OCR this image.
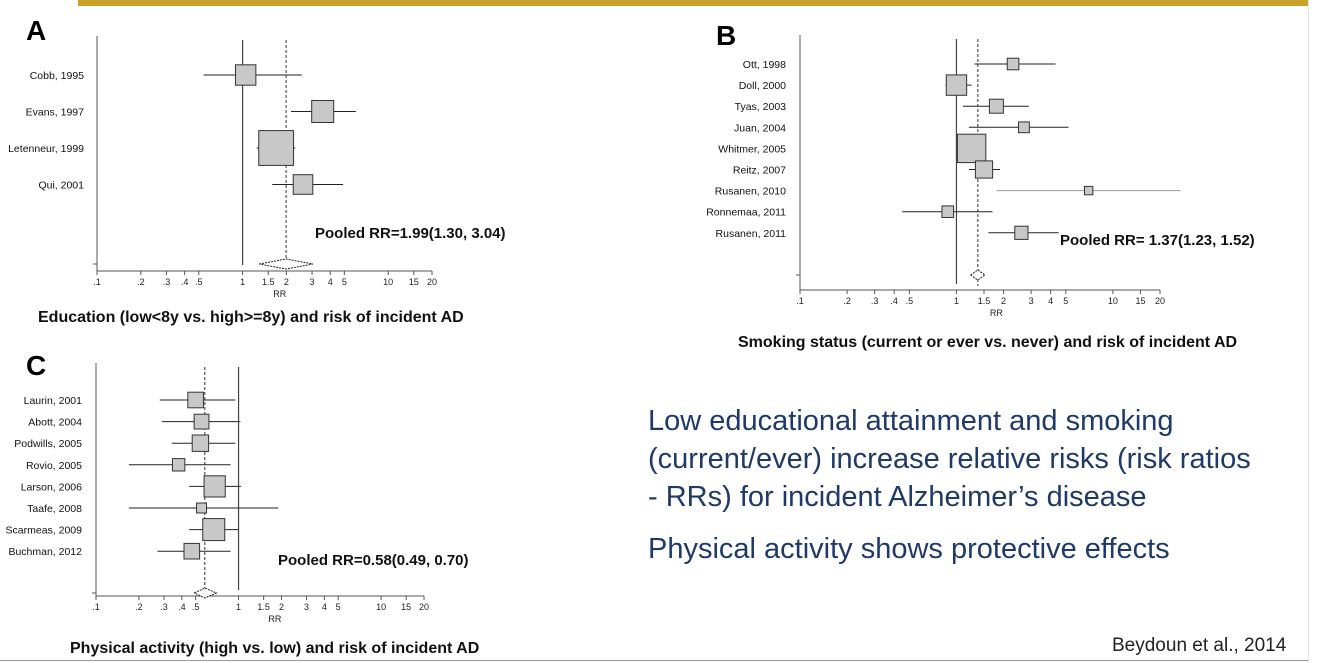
A
.1	.2 .3 .4 .5	1 1.5 2 3 4 5	10 15 20
RR
Cobb, 1995
Evans, 1997
Letenneur, 1999
Qui, 2001
Pooled RR=1.99(1.30, 3.04)
Education (low<8y vs. high>=8y) and risk of incident AD
B
.1	.2 .3 .4 .5	1 1.5 2	3 4 5	10 15 20
RR
Ott, 1998
Doll, 2000
Tyas, 2003
Juan, 2004
Whitmer, 2005
Reitz, 2007
Rusanen, 2010
Ronnemaa, 2011
Rusanen, 2011	Pooled RR= 1.37(1.23, 1.52)
Smoking status (current or ever vs. never) and risk of incident AD
C
.1	.2 .3 .4 .5	1 1.5 2 3 4 5	10 15 20
RR
Laurin, 2001
Abott, 2004
Podwills, 2005
Rovio, 2005
Larson, 2006
Taafe, 2008
Scarmeas, 2009
Buchman, 2012	Pooled RR=0.58(0.49, 0.70)
Physical activity (high vs. low) and risk of incident AD

Low educational attainment and smoking (current/ever) increase relative risks (risk ratios - RRs) for incident Alzheimer’s disease

Physical activity shows protective effects

Beydoun et al., 2014
